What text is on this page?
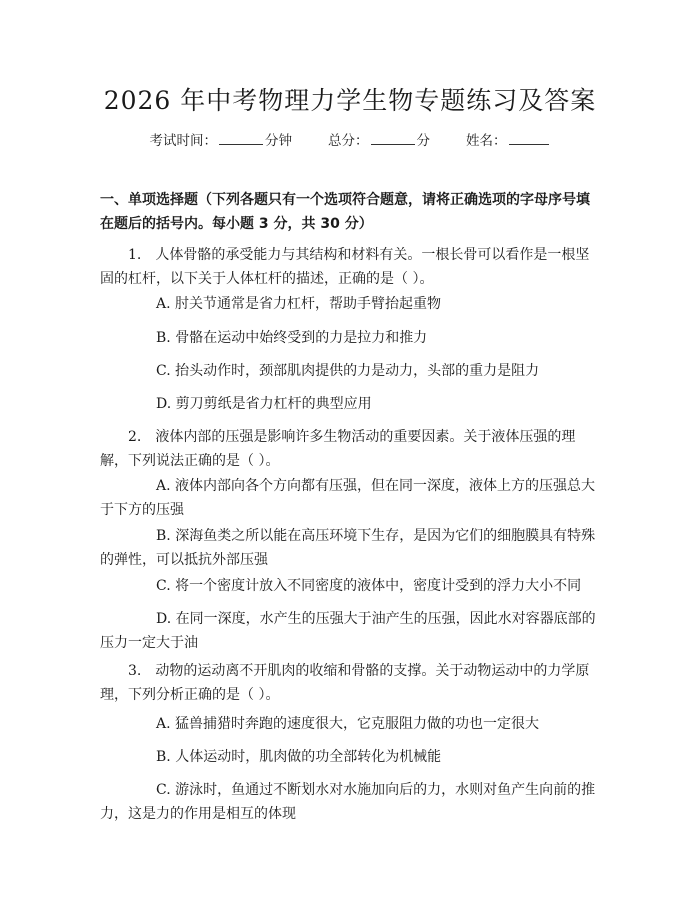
2026 年中考物理力学生物专题练习及答案
考试时间：	分钟	总分：	分	姓名：
一、单项选择题（下列各题只有一个选项符合题意，请将正确选项的字母序号填在题后的括号内。每小题 3 分，共 30 分）
1.　人体骨骼的承受能力与其结构和材料有关。一根长骨可以看作是一根坚固的杠杆，以下关于人体杠杆的描述，正确的是（ ）。
A. 肘关节通常是省力杠杆，帮助手臂抬起重物
B. 骨骼在运动中始终受到的力是拉力和推力
C. 抬头动作时，颈部肌肉提供的力是动力，头部的重力是阻力
D. 剪刀剪纸是省力杠杆的典型应用
2.　液体内部的压强是影响许多生物活动的重要因素。关于液体压强的理解，下列说法正确的是（ ）。
A. 液体内部向各个方向都有压强，但在同一深度，液体上方的压强总大于下方的压强
B. 深海鱼类之所以能在高压环境下生存，是因为它们的细胞膜具有特殊的弹性，可以抵抗外部压强
C. 将一个密度计放入不同密度的液体中，密度计受到的浮力大小不同
D. 在同一深度，水产生的压强大于油产生的压强，因此水对容器底部的压力一定大于油
3.　动物的运动离不开肌肉的收缩和骨骼的支撑。关于动物运动中的力学原理，下列分析正确的是（ ）。
A. 猛兽捕猎时奔跑的速度很大，它克服阻力做的功也一定很大
B. 人体运动时，肌肉做的功全部转化为机械能
C. 游泳时，鱼通过不断划水对水施加向后的力，水则对鱼产生向前的推力，这是力的作用是相互的体现
